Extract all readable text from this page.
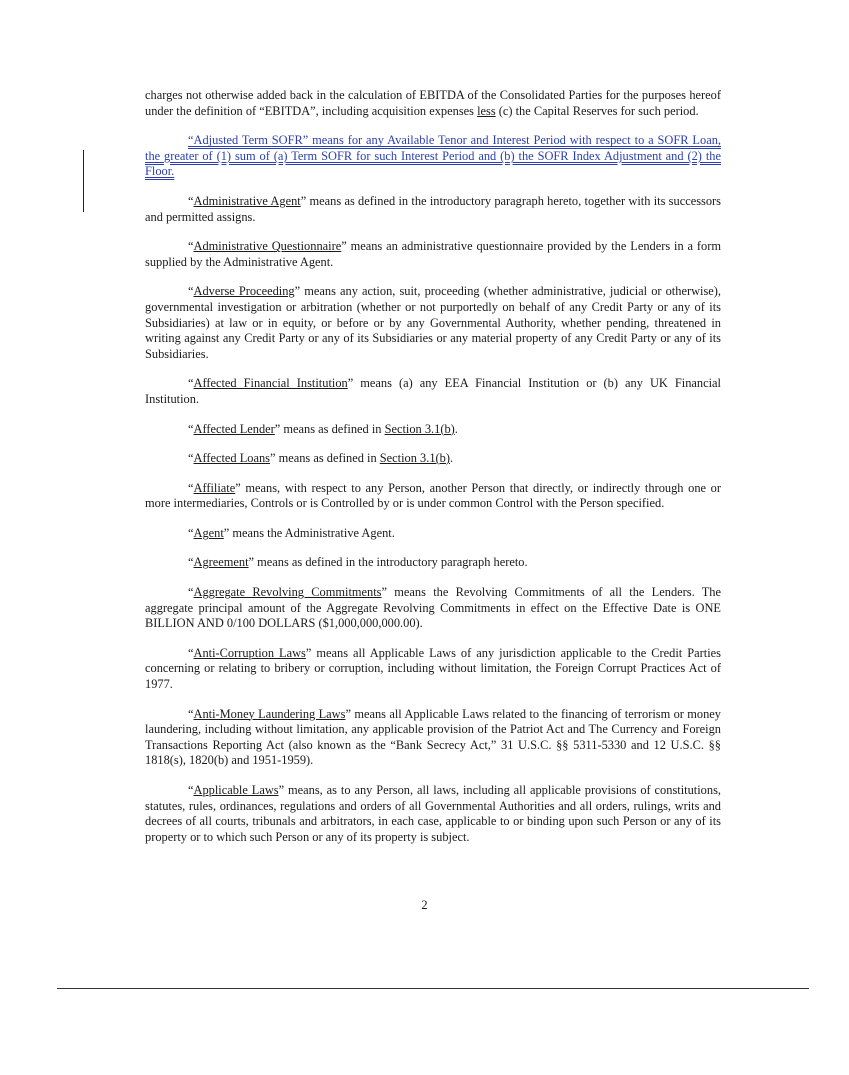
charges not otherwise added back in the calculation of EBITDA of the Consolidated Parties for the purposes hereof under the definition of “EBITDA”, including acquisition expenses less (c) the Capital Reserves for such period.

“Adjusted Term SOFR” means for any Available Tenor and Interest Period with respect to a SOFR Loan, the greater of (1) sum of (a) Term SOFR for such Interest Period and (b) the SOFR Index Adjustment and (2) the Floor.

“Administrative Agent” means as defined in the introductory paragraph hereto, together with its successors and permitted assigns.

“Administrative Questionnaire” means an administrative questionnaire provided by the Lenders in a form supplied by the Administrative Agent.

“Adverse Proceeding” means any action, suit, proceeding (whether administrative, judicial or otherwise), governmental investigation or arbitration (whether or not purportedly on behalf of any Credit Party or any of its Subsidiaries) at law or in equity, or before or by any Governmental Authority, whether pending, threatened in writing against any Credit Party or any of its Subsidiaries or any material property of any Credit Party or any of its Subsidiaries.

“Affected Financial Institution” means (a) any EEA Financial Institution or (b) any UK Financial Institution.

“Affected Lender” means as defined in Section 3.1(b).

“Affected Loans” means as defined in Section 3.1(b).

“Affiliate” means, with respect to any Person, another Person that directly, or indirectly through one or more intermediaries, Controls or is Controlled by or is under common Control with the Person specified.

“Agent” means the Administrative Agent.

“Agreement” means as defined in the introductory paragraph hereto.

“Aggregate Revolving Commitments” means the Revolving Commitments of all the Lenders. The aggregate principal amount of the Aggregate Revolving Commitments in effect on the Effective Date is ONE BILLION AND 0/100 DOLLARS ($1,000,000,000.00).

“Anti-Corruption Laws” means all Applicable Laws of any jurisdiction applicable to the Credit Parties concerning or relating to bribery or corruption, including without limitation, the Foreign Corrupt Practices Act of 1977.

“Anti-Money Laundering Laws” means all Applicable Laws related to the financing of terrorism or money laundering, including without limitation, any applicable provision of the Patriot Act and The Currency and Foreign Transactions Reporting Act (also known as the “Bank Secrecy Act,” 31 U.S.C. §§ 5311-5330 and 12 U.S.C. §§ 1818(s), 1820(b) and 1951-1959).

“Applicable Laws” means, as to any Person, all laws, including all applicable provisions of constitutions, statutes, rules, ordinances, regulations and orders of all Governmental Authorities and all orders, rulings, writs and decrees of all courts, tribunals and arbitrators, in each case, applicable to or binding upon such Person or any of its property or to which such Person or any of its property is subject.

2
